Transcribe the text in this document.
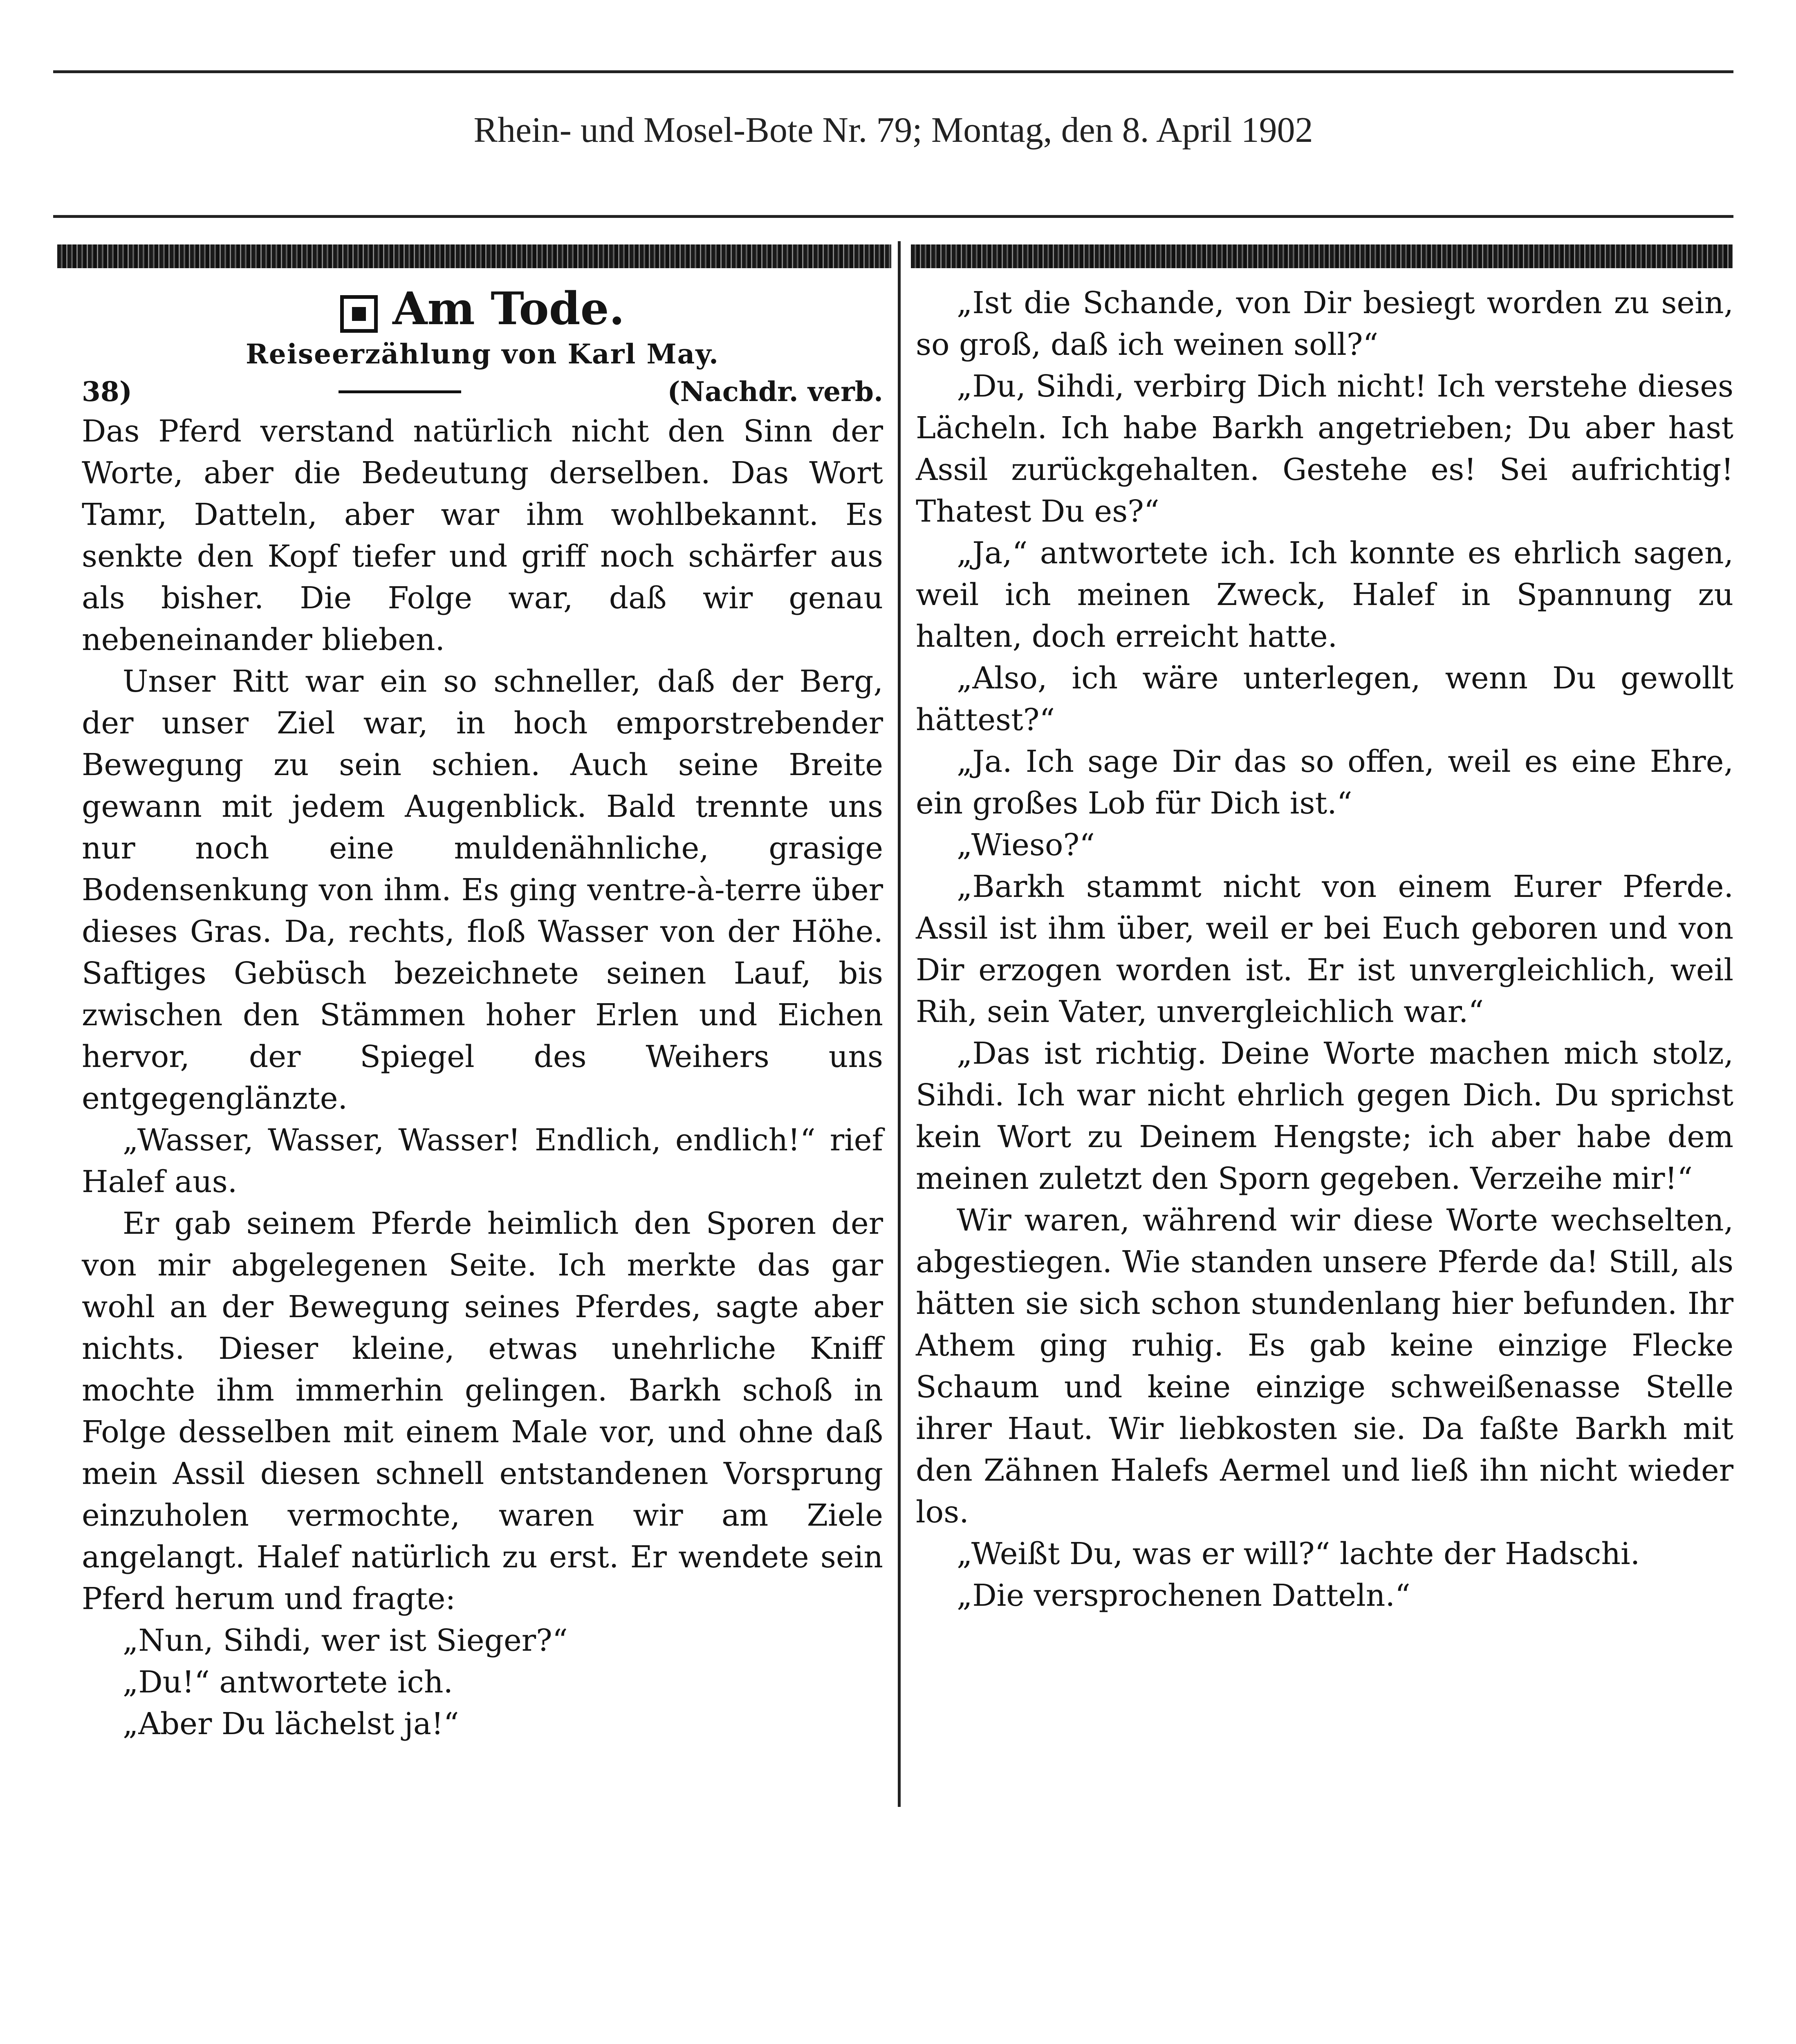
Rhein- und Mosel-Bote Nr. 79; Montag, den 8. April 1902
Am Tode.
Reiseerzählung von Karl May.
38)	(Nachdr. verb.

Das Pferd verstand natürlich nicht den Sinn der Worte, aber die Bedeutung derselben. Das Wort Tamr, Datteln, aber war ihm wohlbekannt. Es senkte den Kopf tiefer und griff noch schärfer aus als bisher. Die Folge war, daß wir genau nebeneinander blieben.

Unser Ritt war ein so schneller, daß der Berg, der unser Ziel war, in hoch emporstrebender Bewegung zu sein schien. Auch seine Breite gewann mit jedem Augenblick. Bald trennte uns nur noch eine muldenähnliche, grasige Bodensenkung von ihm. Es ging ventre-à-terre über dieses Gras. Da, rechts, floß Wasser von der Höhe. Saftiges Gebüsch bezeichnete seinen Lauf, bis zwischen den Stämmen hoher Erlen und Eichen hervor, der Spiegel des Weihers uns entgegenglänzte.

„Wasser, Wasser, Wasser! Endlich, endlich!“ rief Halef aus.

Er gab seinem Pferde heimlich den Sporen der von mir abgelegenen Seite. Ich merkte das gar wohl an der Bewegung seines Pferdes, sagte aber nichts. Dieser kleine, etwas unehrliche Kniff mochte ihm immerhin gelingen. Barkh schoß in Folge desselben mit einem Male vor, und ohne daß mein Assil diesen schnell entstandenen Vorsprung einzuholen vermochte, waren wir am Ziele angelangt. Halef natürlich zu erst. Er wendete sein Pferd herum und fragte:

„Nun, Sihdi, wer ist Sieger?“

„Du!“ antwortete ich.

„Aber Du lächelst ja!“

„Ist die Schande, von Dir besiegt worden zu sein, so groß, daß ich weinen soll?“

„Du, Sihdi, verbirg Dich nicht! Ich verstehe dieses Lächeln. Ich habe Barkh angetrieben; Du aber hast Assil zurückgehalten. Gestehe es! Sei aufrichtig! Thatest Du es?“

„Ja,“ antwortete ich. Ich konnte es ehrlich sagen, weil ich meinen Zweck, Halef in Spannung zu halten, doch erreicht hatte.

„Also, ich wäre unterlegen, wenn Du gewollt hättest?“

„Ja. Ich sage Dir das so offen, weil es eine Ehre, ein großes Lob für Dich ist.“

„Wieso?“

„Barkh stammt nicht von einem Eurer Pferde. Assil ist ihm über, weil er bei Euch geboren und von Dir erzogen worden ist. Er ist unvergleichlich, weil Rih, sein Vater, unvergleichlich war.“

„Das ist richtig. Deine Worte machen mich stolz, Sihdi. Ich war nicht ehrlich gegen Dich. Du sprichst kein Wort zu Deinem Hengste; ich aber habe dem meinen zuletzt den Sporn gegeben. Verzeihe mir!“

Wir waren, während wir diese Worte wechselten, abgestiegen. Wie standen unsere Pferde da! Still, als hätten sie sich schon stundenlang hier befunden. Ihr Athem ging ruhig. Es gab keine einzige Flecke Schaum und keine einzige schweißenasse Stelle ihrer Haut. Wir liebkosten sie. Da faßte Barkh mit den Zähnen Halefs Aermel und ließ ihn nicht wieder los.

„Weißt Du, was er will?“ lachte der Hadschi.

„Die versprochenen Datteln.“
